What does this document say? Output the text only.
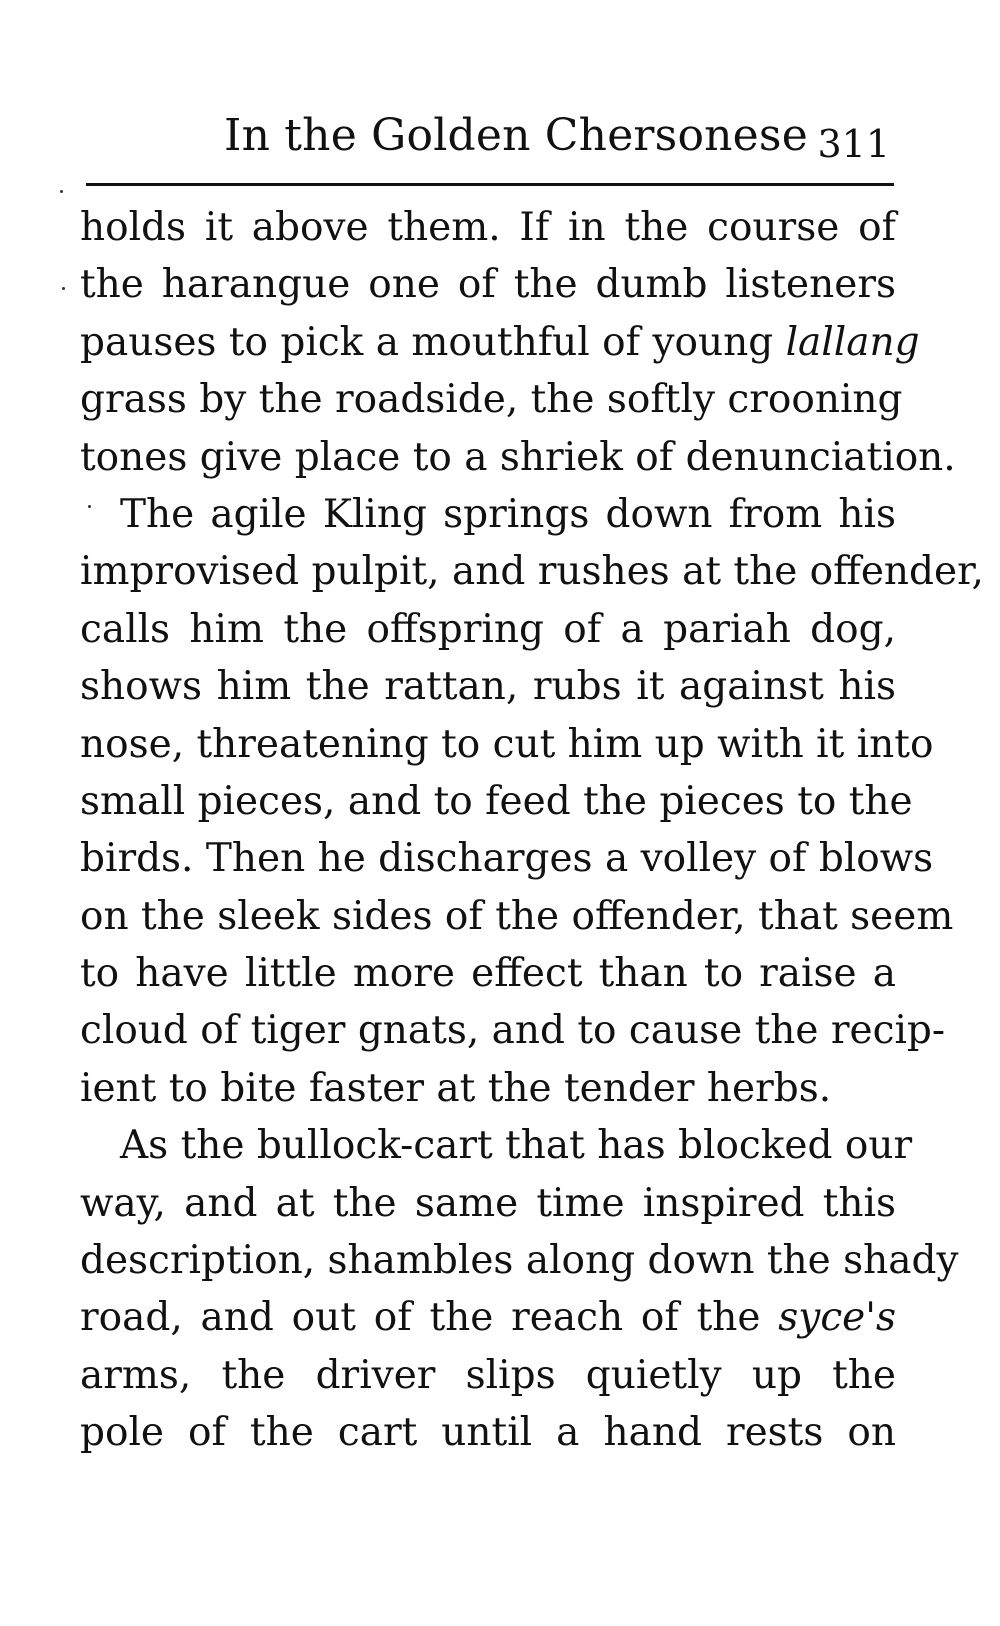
In the Golden Chersonese 311
holds it above them. If in the course of
the harangue one of the dumb listeners
pauses to pick a mouthful of young lallang
grass by the roadside, the softly crooning
tones give place to a shriek of denunciation.
The agile Kling springs down from his
improvised pulpit, and rushes at the offender,
calls him the offspring of a pariah dog,
shows him the rattan, rubs it against his
nose, threatening to cut him up with it into
small pieces, and to feed the pieces to the
birds. Then he discharges a volley of blows
on the sleek sides of the offender, that seem
to have little more effect than to raise a
cloud of tiger gnats, and to cause the recip-
ient to bite faster at the tender herbs.
As the bullock-cart that has blocked our
way, and at the same time inspired this
description, shambles along down the shady
road, and out of the reach of the syce's
arms, the driver slips quietly up the
pole of the cart until a hand rests on
